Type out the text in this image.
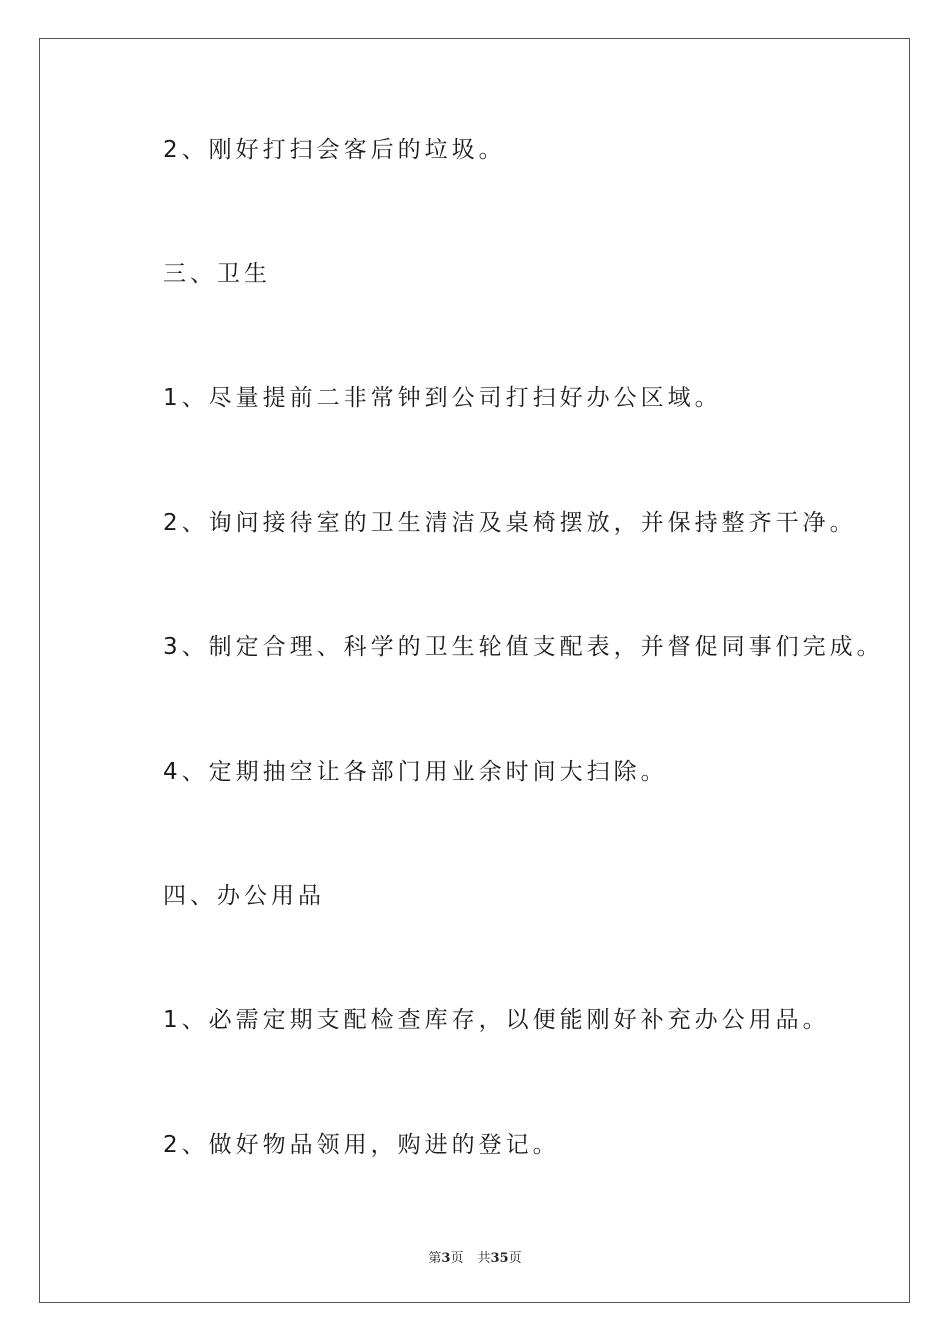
2、刚好打扫会客后的垃圾。
三、卫生
1、尽量提前二非常钟到公司打扫好办公区域。
2、询问接待室的卫生清洁及桌椅摆放，并保持整齐干净。
3、制定合理、科学的卫生轮值支配表，并督促同事们完成。
4、定期抽空让各部门用业余时间大扫除。
四、办公用品
1、必需定期支配检查库存，以便能刚好补充办公用品。
2、做好物品领用，购进的登记。
第3页 共35页
